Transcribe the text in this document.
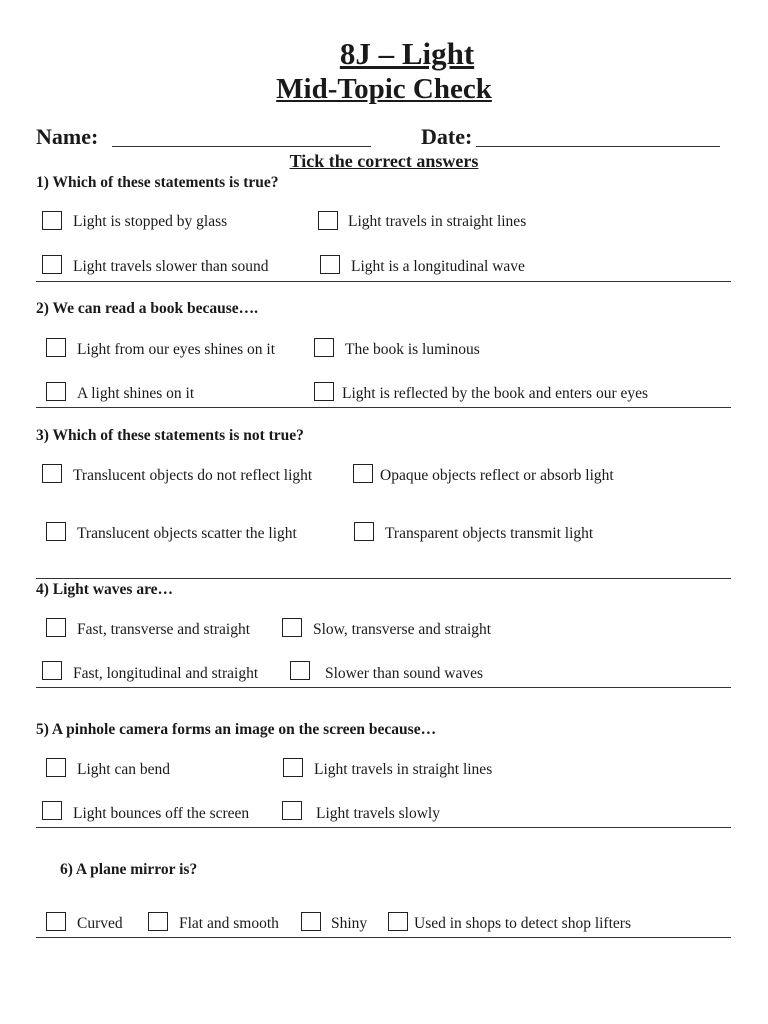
8J – Light
Mid-Topic Check
Name:	Date:
Tick the correct answers
1) Which of these statements is true?
Light is stopped by glass	Light travels in straight lines
Light travels slower than sound	Light is a longitudinal wave
2) We can read a book because….
Light from our eyes shines on it	The book is luminous
A light shines on it	Light is reflected by the book and enters our eyes
3) Which of these statements is not true?
Translucent objects do not reflect light	Opaque objects reflect or absorb light
Translucent objects scatter the light	Transparent objects transmit light
4) Light waves are…
Fast, transverse and straight	Slow, transverse and straight
Fast, longitudinal and straight	Slower than sound waves
5) A pinhole camera forms an image on the screen because…
Light can bend	Light travels in straight lines
Light bounces off the screen	Light travels slowly
6) A plane mirror is?
Curved	Flat and smooth	Shiny	Used in shops to detect shop lifters
